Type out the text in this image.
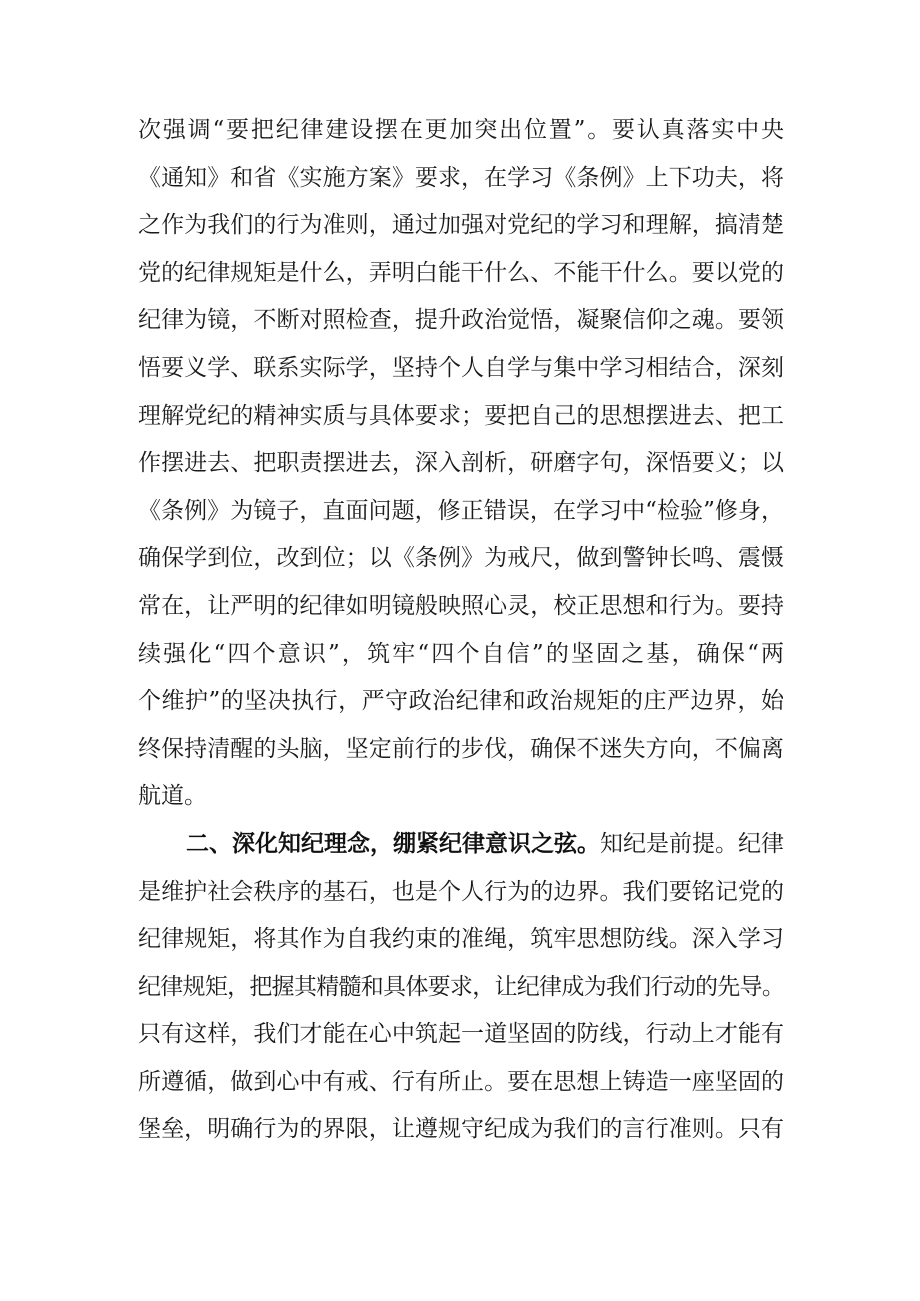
次强调“要把纪律建设摆在更加突出位置”。要认真落实中央
《通知》和省《实施方案》要求，在学习《条例》上下功夫，将
之作为我们的行为准则，通过加强对党纪的学习和理解，搞清楚
党的纪律规矩是什么，弄明白能干什么、不能干什么。要以党的
纪律为镜，不断对照检查，提升政治觉悟，凝聚信仰之魂。要领
悟要义学、联系实际学，坚持个人自学与集中学习相结合，深刻
理解党纪的精神实质与具体要求；要把自己的思想摆进去、把工
作摆进去、把职责摆进去，深入剖析，研磨字句，深悟要义；以
《条例》为镜子，直面问题，修正错误，在学习中“检验”修身，
确保学到位，改到位；以《条例》为戒尺，做到警钟长鸣、震慑
常在，让严明的纪律如明镜般映照心灵，校正思想和行为。要持
续强化“四个意识”，筑牢“四个自信”的坚固之基，确保“两
个维护”的坚决执行，严守政治纪律和政治规矩的庄严边界，始
终保持清醒的头脑，坚定前行的步伐，确保不迷失方向，不偏离
航道。
二、深化知纪理念，绷紧纪律意识之弦。知纪是前提。纪律
是维护社会秩序的基石，也是个人行为的边界。我们要铭记党的
纪律规矩，将其作为自我约束的准绳，筑牢思想防线。深入学习
纪律规矩，把握其精髓和具体要求，让纪律成为我们行动的先导。
只有这样，我们才能在心中筑起一道坚固的防线，行动上才能有
所遵循，做到心中有戒、行有所止。要在思想上铸造一座坚固的
堡垒，明确行为的界限，让遵规守纪成为我们的言行准则。只有
